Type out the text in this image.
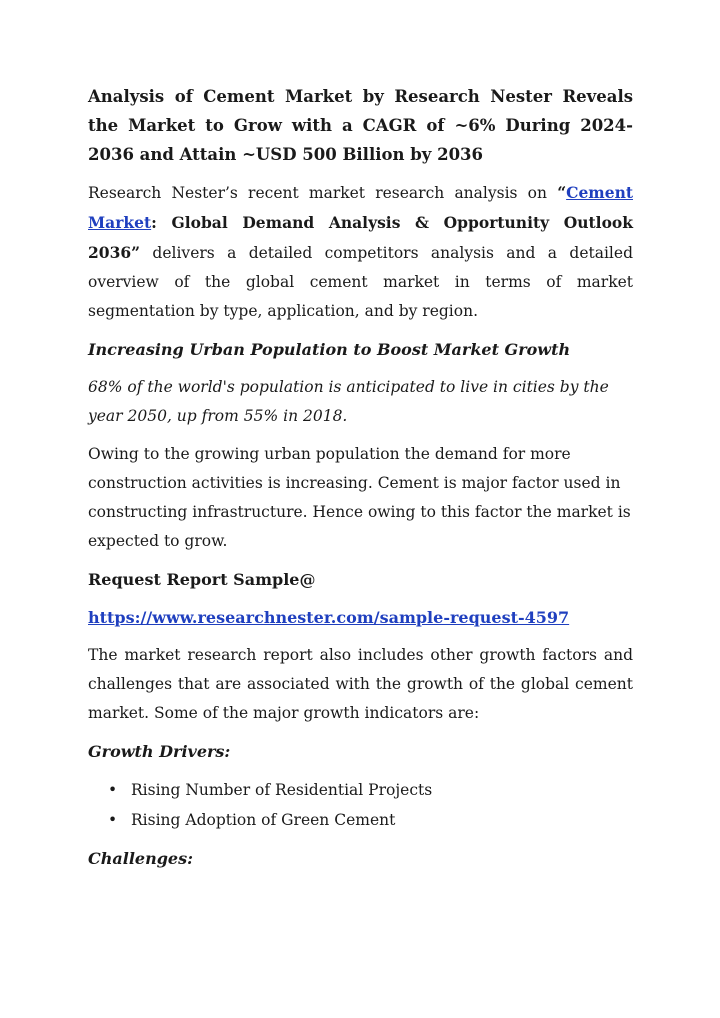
Analysis of Cement Market by Research Nester Reveals the Market to Grow with a CAGR of ~6% During 2024-2036 and Attain ~USD 500 Billion by 2036

Research Nester’s recent market research analysis on “Cement Market: Global Demand Analysis & Opportunity Outlook 2036” delivers a detailed competitors analysis and a detailed overview of the global cement market in terms of market segmentation by type, application, and by region.

Increasing Urban Population to Boost Market Growth

68% of the world's population is anticipated to live in cities by the year 2050, up from 55% in 2018.

Owing to the growing urban population the demand for more construction activities is increasing. Cement is major factor used in constructing infrastructure. Hence owing to this factor the market is expected to grow.

Request Report Sample@

https://www.researchnester.com/sample-request-4597

The market research report also includes other growth factors and challenges that are associated with the growth of the global cement market. Some of the major growth indicators are:

Growth Drivers:

• Rising Number of Residential Projects
• Rising Adoption of Green Cement

Challenges:
